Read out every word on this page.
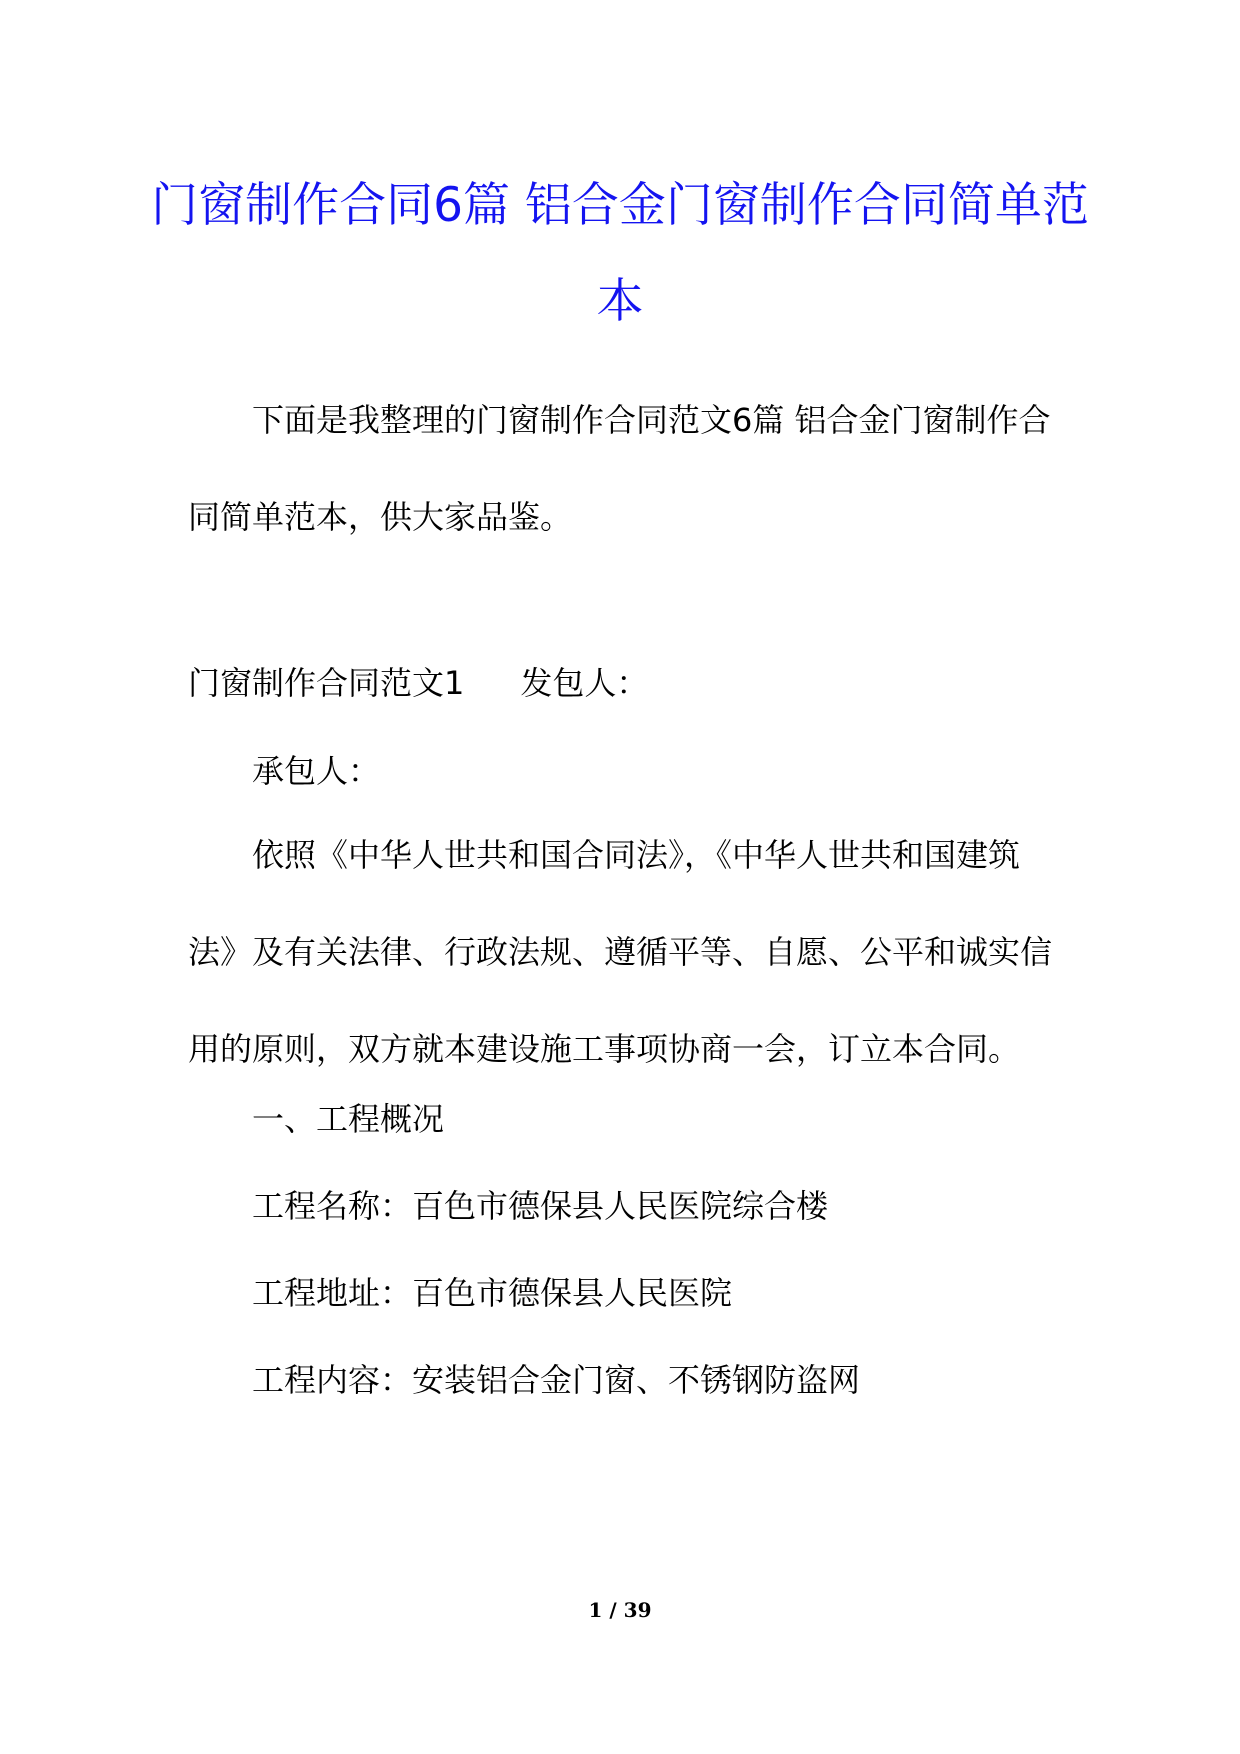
门窗制作合同6篇 铝合金门窗制作合同简单范本

下面是我整理的门窗制作合同范文6篇 铝合金门窗制作合同简单范本，供大家品鉴。

门窗制作合同范文1 发包人：

承包人：

依照《中华人世共和国合同法》，《中华人世共和国建筑法》及有关法律、行政法规、遵循平等、自愿、公平和诚实信用的原则，双方就本建设施工事项协商一会，订立本合同。

一、工程概况

工程名称：百色市德保县人民医院综合楼

工程地址：百色市德保县人民医院

工程内容：安装铝合金门窗、不锈钢防盗网

1 / 39
